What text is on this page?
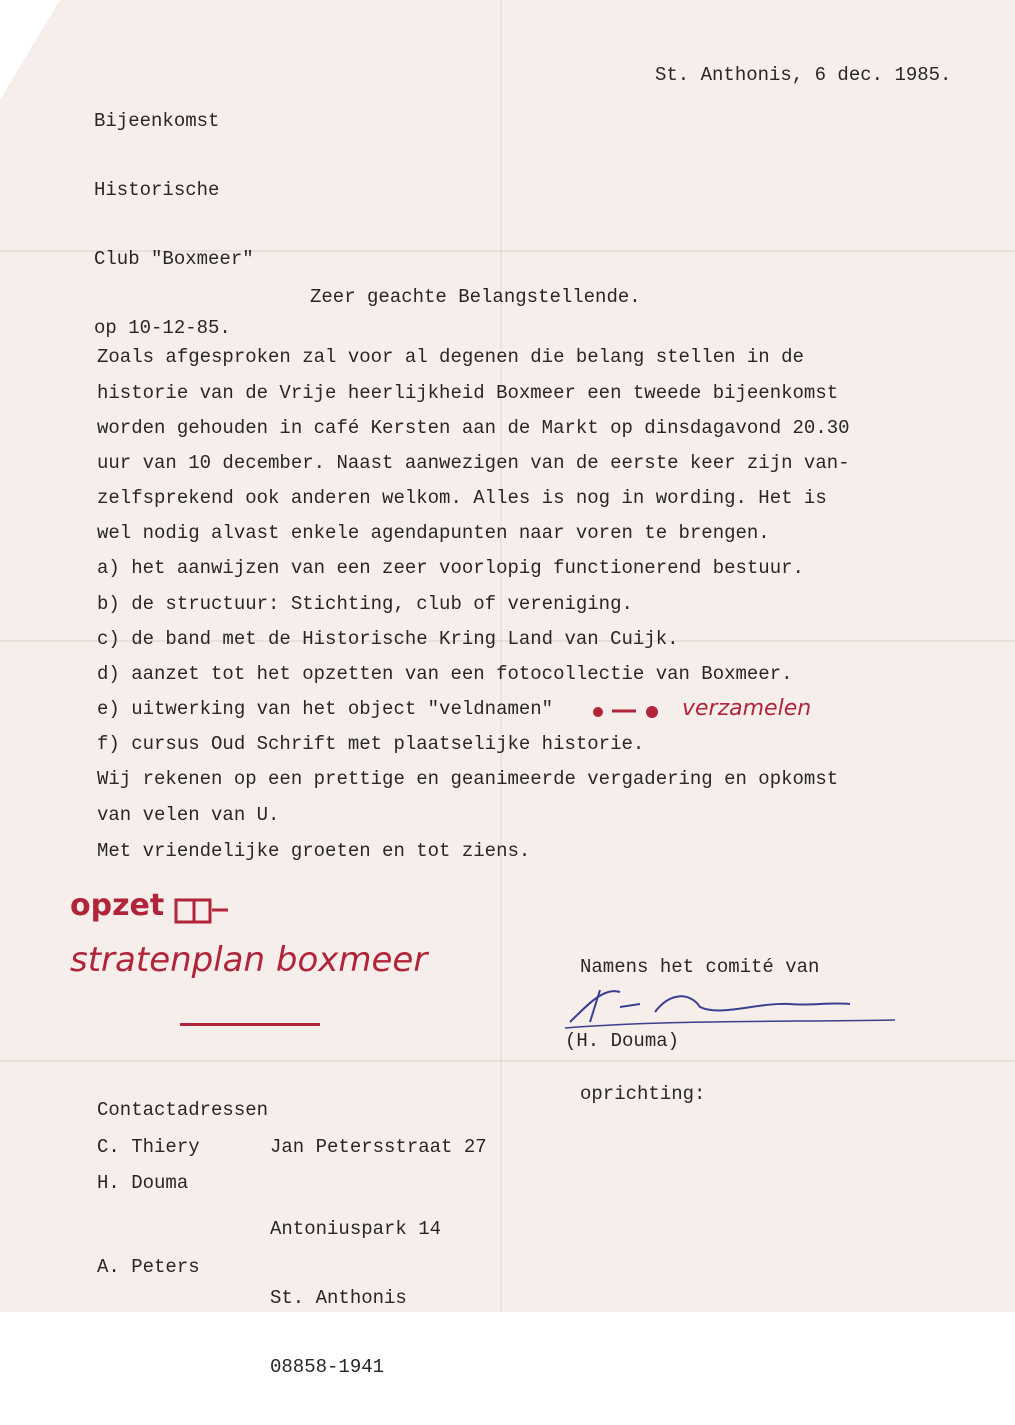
Bijeenkomst

Historische

Club "Boxmeer"

op 10-12-85.

St. Anthonis, 6 dec. 1985.
Zeer geachte Belangstellende.
Zoals afgesproken zal voor al degenen die belang stellen in de
historie van de Vrije heerlijkheid Boxmeer een tweede bijeenkomst
worden gehouden in café Kersten aan de Markt op dinsdagavond 20.30
uur van 10 december. Naast aanwezigen van de eerste keer zijn van-
zelfsprekend ook anderen welkom. Alles is nog in wording. Het is
wel nodig alvast enkele agendapunten naar voren te brengen.
a) het aanwijzen van een zeer voorlopig functionerend bestuur.
b) de structuur: Stichting, club of vereniging.
c) de band met de Historische Kring Land van Cuijk.
d) aanzet tot het opzetten van een fotocollectie van Boxmeer.
e) uitwerking van het object "veldnamen"
f) cursus Oud Schrift met plaatselijke historie.
Wij rekenen op een prettige en geanimeerde vergadering en opkomst
van velen van U.
Met vriendelijke groeten en tot ziens.
verzamelen
opzet
stratenplan boxmeer

	Namens het comité van

oprichting:

(H. Douma)
Contactadressen
C. Thiery	Jan Petersstraat 27
H. Douma

Antoniuspark 14

St. Anthonis

08858-1941

A. Peters
